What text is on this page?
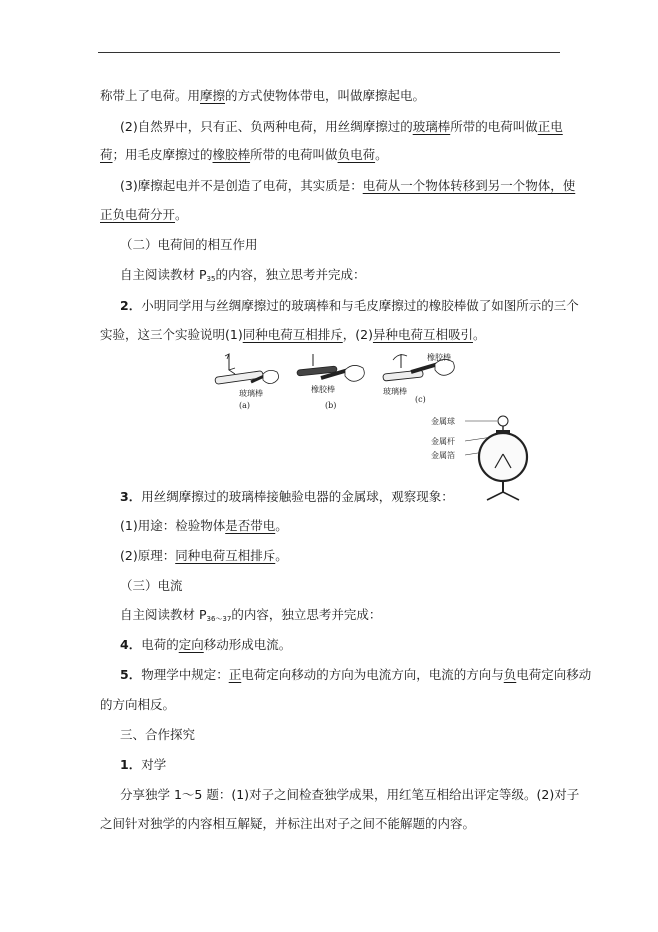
称带上了电荷。用摩擦的方式使物体带电，叫做摩擦起电。
(2)自然界中，只有正、负两种电荷，用丝绸摩擦过的玻璃棒所带的电荷叫做正电
荷；用毛皮摩擦过的橡胶棒所带的电荷叫做负电荷。
(3)摩擦起电并不是创造了电荷，其实质是：电荷从一个物体转移到另一个物体，使
正负电荷分开。
（二）电荷间的相互作用
自主阅读教材 $P_{35}$的内容，独立思考并完成：
2．小明同学用与丝绸摩擦过的玻璃棒和与毛皮摩擦过的橡胶棒做了如图所示的三个
实验，这三个实验说明(1)同种电荷互相排斥，(2)异种电荷互相吸引。
玻璃棒
(a)
橡胶棒
(b)
橡胶棒
玻璃棒
(c)
金属球
金属杆
金属箔
3．用丝绸摩擦过的玻璃棒接触验电器的金属球，观察现象：
(1)用途：检验物体是否带电。
(2)原理：同种电荷互相排斥。
（三）电流
自主阅读教材 $P_{36\sim 37}$的内容，独立思考并完成：
4．电荷的定向移动形成电流。
5．物理学中规定：正电荷定向移动的方向为电流方向，电流的方向与负电荷定向移动
的方向相反。
三、合作探究
1．对学
分享独学 1～5 题：(1)对子之间检查独学成果，用红笔互相给出评定等级。(2)对子
之间针对独学的内容相互解疑，并标注出对子之间不能解题的内容。
